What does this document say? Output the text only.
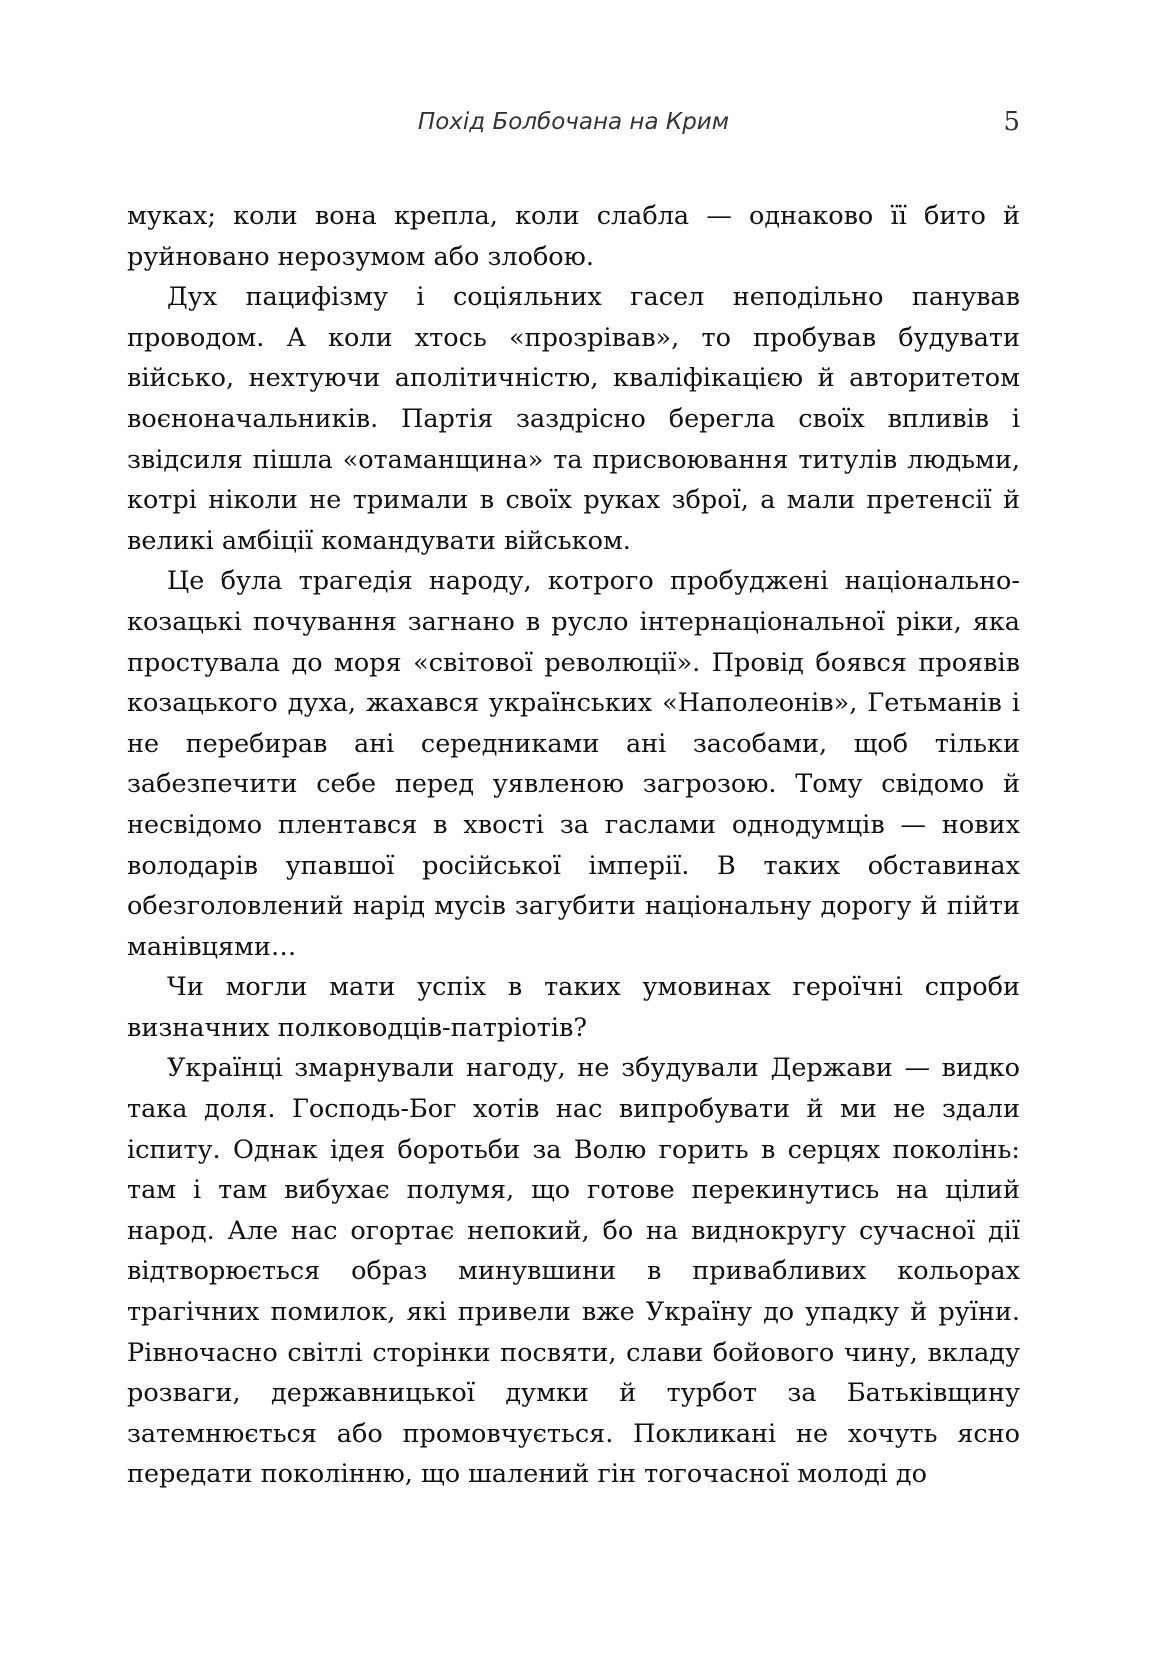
Похід Болбочана на Крим	5

муках; коли вона крепла, коли слабла — однаково її бито й руйновано нерозумом або злобою.

Дух пацифізму і соціяльних гасел неподільно панував проводом. А коли хтось «прозрівав», то пробував будувати військо, нехтуючи аполітичністю, кваліфікацією й авторитетом воєноначальників. Партія заздрісно берегла своїх впливів і звідсиля пішла «отаманщина» та присвоювання титулів людьми, котрі ніколи не тримали в своїх руках зброї, а мали претенсії й великі амбіції командувати військом.

Це була трагедія народу, котрого пробуджені національно-козацькі почування загнано в русло інтернаціональної ріки, яка простувала до моря «світової революції». Провід боявся проявів козацького духа, жахався українських «Наполеонів», Гетьманів і не перебирав ані середниками ані засобами, щоб тільки забезпечити себе перед уявленою загрозою. Тому свідомо й несвідомо плентався в хвості за гаслами однодумців — нових володарів упавшої російської імперії. В таких обставинах обезголовлений нарід мусів загубити національну дорогу й пійти манівцями…

Чи могли мати успіх в таких умовинах героїчні спроби визначних полководців-патріотів?

Українці змарнували нагоду, не збудували Держави — видко така доля. Господь-Бог хотів нас випробувати й ми не здали іспиту. Однак ідея боротьби за Волю горить в серцях поколінь: там і там вибухає полумя, що готове перекинутись на цілий народ. Але нас огортає непокий, бо на виднокругу сучасної дії відтворюється образ минувшини в привабливих кольорах трагічних помилок, які привели вже Україну до упадку й руїни. Рівночасно світлі сторінки посвяти, слави бойового чину, вкладу розваги, державницької думки й турбот за Батьківщину затемнюється або промовчується. Покликані не хочуть ясно передати поколінню, що шалений гін тогочасної молоді до
